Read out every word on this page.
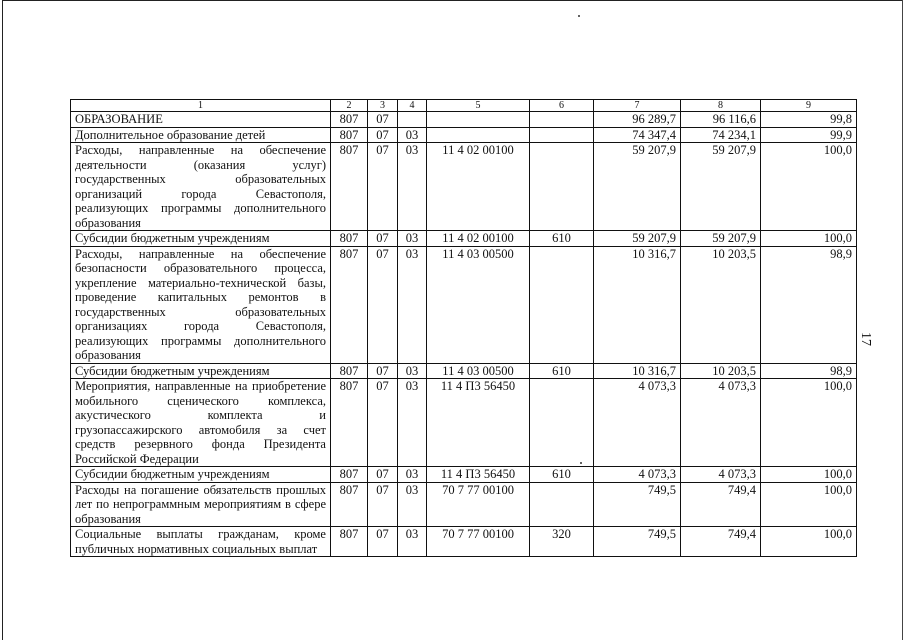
17
1	2	3	4	5	6	7	8	9
ОБРАЗОВАНИЕ	807	07				96 289,7	96 116,6	99,8
Дополнительное образование детей	807	07	03			74 347,4	74 234,1	99,9
Расходы, направленные на обеспечение деятельности (оказания услуг) государственных образовательных организаций города Севастополя, реализующих программы дополнительного образования	807	07	03	11 4 02 00100		59 207,9	59 207,9	100,0
Субсидии бюджетным учреждениям	807	07	03	11 4 02 00100	610	59 207,9	59 207,9	100,0
Расходы, направленные на обеспечение безопасности образовательного процесса, укрепление материально-технической базы, проведение капитальных ремонтов в государственных образовательных организациях города Севастополя, реализующих программы дополнительного образования	807	07	03	11 4 03 00500		10 316,7	10 203,5	98,9
Субсидии бюджетным учреждениям	807	07	03	11 4 03 00500	610	10 316,7	10 203,5	98,9
Мероприятия, направленные на приобретение мобильного сценического комплекса, акустического комплекта и грузопассажирского автомобиля за счет средств резервного фонда Президента Российской Федерации	807	07	03	11 4 П3 56450		4 073,3	4 073,3	100,0
Субсидии бюджетным учреждениям	807	07	03	11 4 П3 56450	610	4 073,3	4 073,3	100,0
Расходы на погашение обязательств прошлых лет по непрограммным мероприятиям в сфере образования	807	07	03	70 7 77 00100		749,5	749,4	100,0
Социальные выплаты гражданам, кроме публичных нормативных социальных выплат	807	07	03	70 7 77 00100	320	749,5	749,4	100,0
